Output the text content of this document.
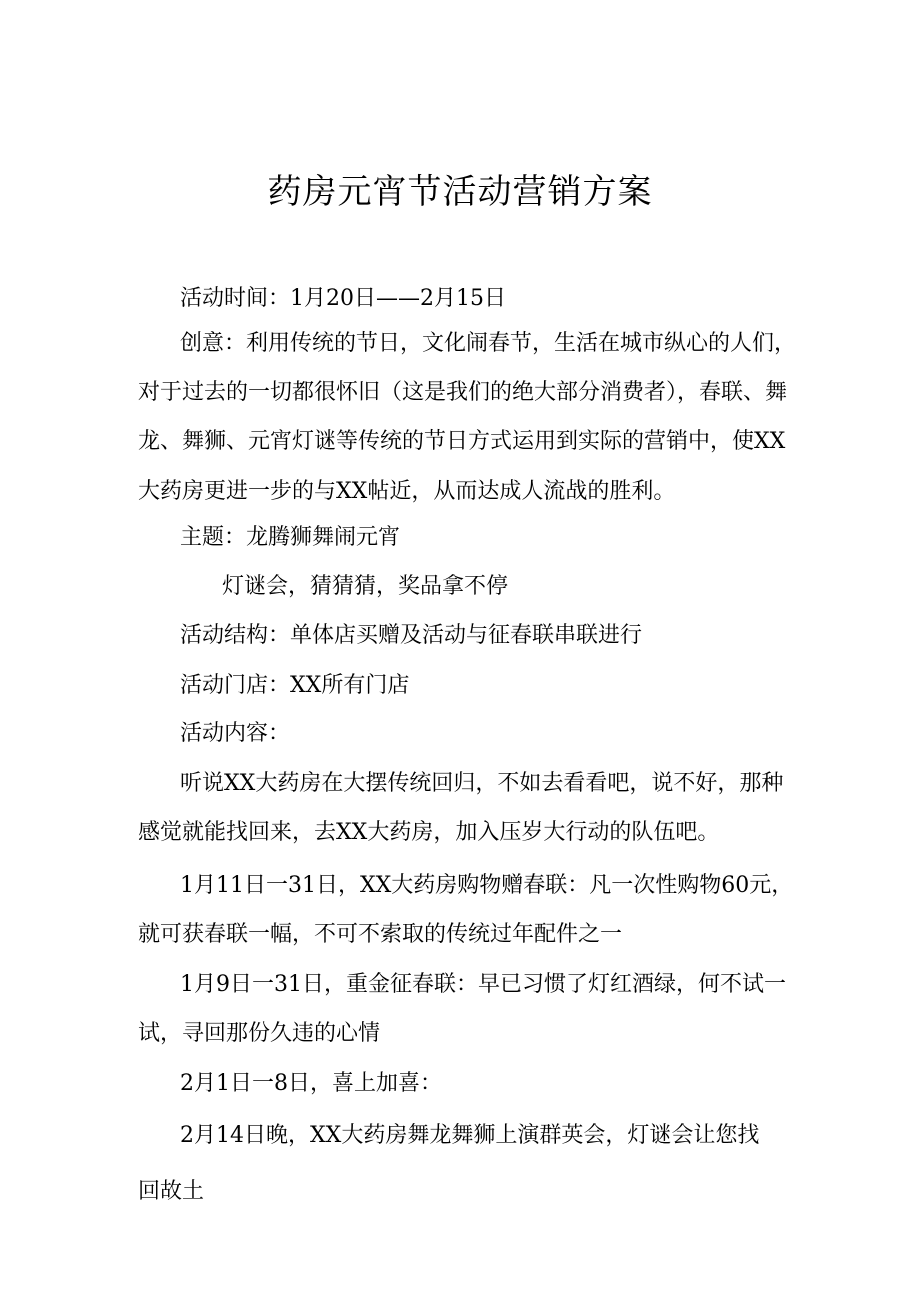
药房元宵节活动营销方案

活动时间：1月20日——2月15日

创意：利用传统的节日，文化闹春节，生活在城市纵心的人们，

对于过去的一切都很怀旧（这是我们的绝大部分消费者），春联、舞

龙、舞狮、元宵灯谜等传统的节日方式运用到实际的营销中，使XX

大药房更进一步的与XX帖近，从而达成人流战的胜利。

主题：龙腾狮舞闹元宵

灯谜会，猜猜猜，奖品拿不停

活动结构：单体店买赠及活动与征春联串联进行

活动门店：XX所有门店

活动内容：

听说XX大药房在大摆传统回归，不如去看看吧，说不好，那种

感觉就能找回来，去XX大药房，加入压岁大行动的队伍吧。

1月11日一31日，XX大药房购物赠春联：凡一次性购物60元，

就可获春联一幅，不可不索取的传统过年配件之一

1月9日一31日，重金征春联：早已习惯了灯红酒绿，何不试一

试，寻回那份久违的心情

2月1日一8日，喜上加喜：

2月14日晚，XX大药房舞龙舞狮上演群英会，灯谜会让您找

回故土
